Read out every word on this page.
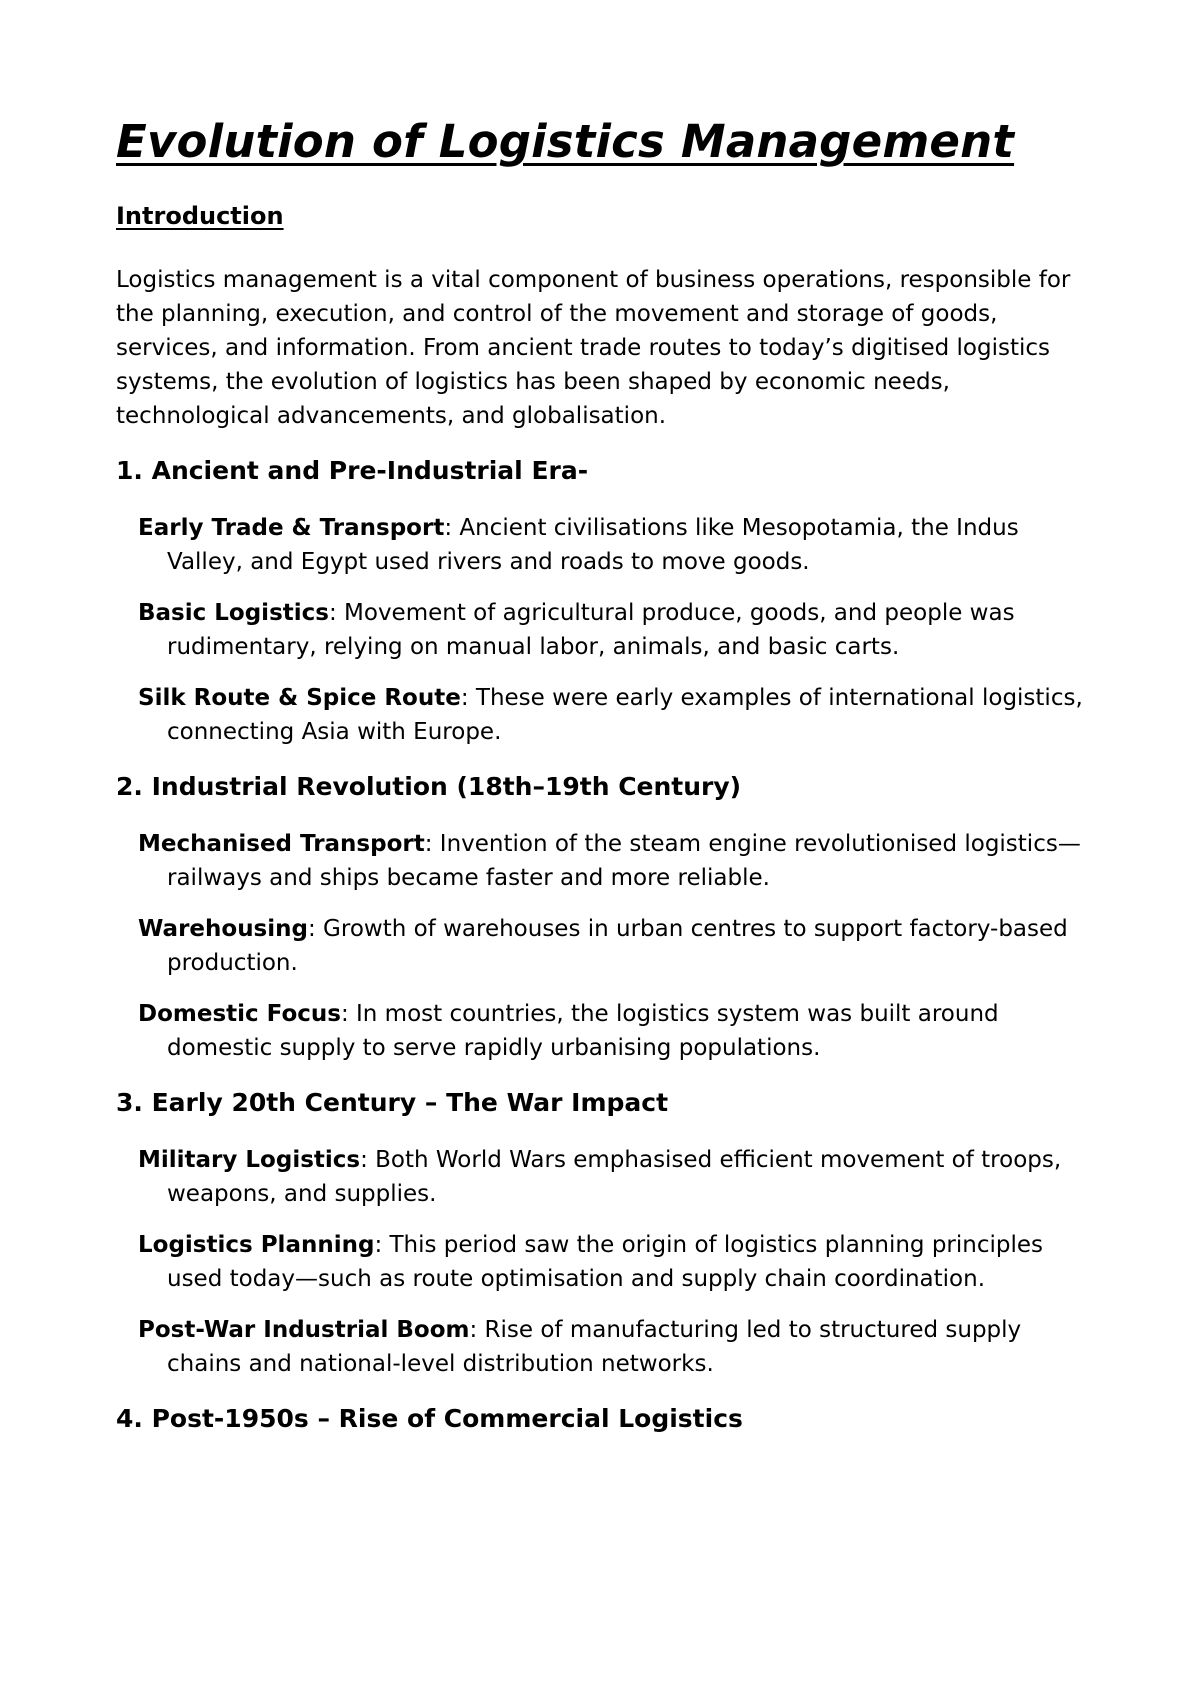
Evolution of Logistics Management
Introduction

Logistics management is a vital component of business operations, responsible for the planning, execution, and control of the movement and storage of goods, services, and information. From ancient trade routes to today’s digitised logistics systems, the evolution of logistics has been shaped by economic needs, technological advancements, and globalisation.

1. Ancient and Pre-Industrial Era-

Early Trade & Transport: Ancient civilisations like Mesopotamia, the Indus Valley, and Egypt used rivers and roads to move goods.

Basic Logistics: Movement of agricultural produce, goods, and people was rudimentary, relying on manual labor, animals, and basic carts.

Silk Route & Spice Route: These were early examples of international logistics, connecting Asia with Europe.

2. Industrial Revolution (18th–19th Century)

Mechanised Transport: Invention of the steam engine revolutionised logistics—railways and ships became faster and more reliable.

Warehousing: Growth of warehouses in urban centres to support factory-based production.

Domestic Focus: In most countries, the logistics system was built around domestic supply to serve rapidly urbanising populations.

3. Early 20th Century – The War Impact

Military Logistics: Both World Wars emphasised efficient movement of troops, weapons, and supplies.

Logistics Planning: This period saw the origin of logistics planning principles used today—such as route optimisation and supply chain coordination.

Post-War Industrial Boom: Rise of manufacturing led to structured supply chains and national-level distribution networks.

4. Post-1950s – Rise of Commercial Logistics
